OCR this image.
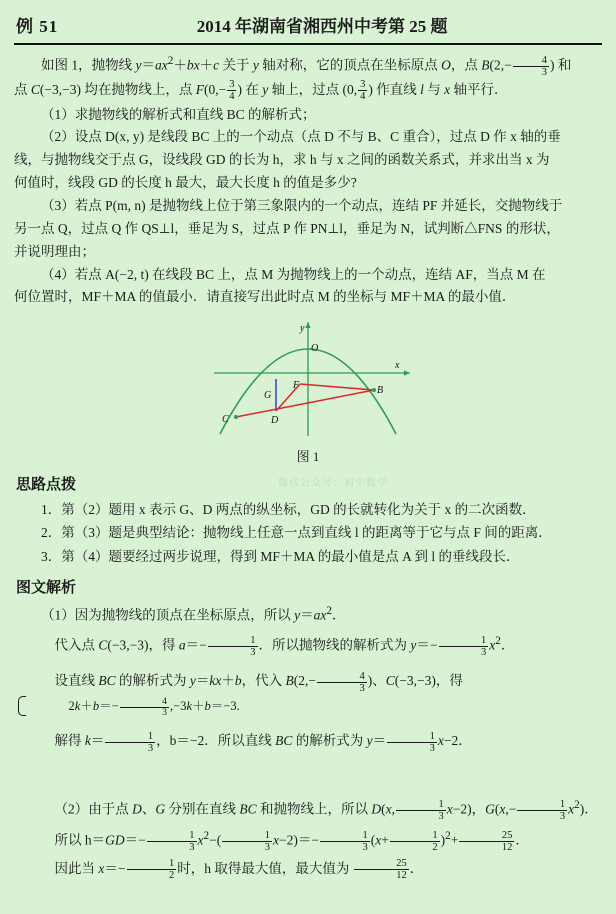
例 51	2014 年湖南省湘西州中考第 25 题

如图 1，抛物线 $y=ax^2+bx+c$ 关于 y 轴对称，它的顶点在坐标原点 O，点 $B(2,- \frac{4}{3}$ ) 和

点 C(−3,−3) 均在抛物线上，点 $F(0,- \frac{3}{4}$ ) 在 y 轴上，过点 (0, $\frac{3}{4}$ ) 作直线 l 与 x 轴平行．

（1）求抛物线的解析式和直线 BC 的解析式；

（2）设点 D(x, y) 是线段 BC 上的一个动点（点 D 不与 B、C 重合），过点 D 作 x 轴的垂

线，与抛物线交于点 G，设线段 GD 的长为 h，求 h 与 x 之间的函数关系式，并求出当 x 为

何值时，线段 GD 的长度 h 最大，最大长度 h 的值是多少?

（3）若点 P(m, n) 是抛物线上位于第三象限内的一个动点，连结 PF 并延长，交抛物线于

另一点 Q，过点 Q 作 QS⊥l，垂足为 S，过点 P 作 PN⊥l，垂足为 N，试判断△FNS 的形状，

并说明理由；

（4）若点 A(−2, t) 在线段 BC 上，点 M 为抛物线上的一个动点，连结 AF，当点 M 在

何位置时，MF＋MA 的值最小．请直接写出此时点 M 的坐标与 MF＋MA 的最小值．

O
y
x
G
F	B
C	D
图 1
思路点拨
1．第（2）题用 x 表示 G、D 两点的纵坐标，GD 的长就转化为关于 x 的二次函数．
2．第（3）题是典型结论：抛物线上任意一点到直线 l 的距离等于它与点 F 间的距离．
3．第（4）题要经过两步说理，得到 MF＋MA 的最小值是点 A 到 l 的垂线段长．
微信公众号：初中数学
图文解析
（1）因为抛物线的顶点在坐标原点，所以 $y=ax^2$．
代入点 C(−3,−3)，得 $a=- \frac{1}{3}$ ．所以抛物线的解析式为 $y=- \frac{1}{3} x^2$．
设直线 BC 的解析式为 y＝kx＋b，代入 $B(2,- \frac{4}{3}$ )、C(−3,−3)，得$2k+b=- \frac{4}{3} ,-3k+b=-3$.
解得 $k= \frac{1}{3}$ ，b＝−2．所以直线 BC 的解析式为 $y= \frac{1}{3} x-2$．
（2）由于点 D、G 分别在直线 BC 和抛物线上，所以 D(x, $\frac{1}{3} x-2$)，$G(x,- \frac{1}{3} x^2)$．
所以 $h=GD=- \frac{1}{3} x^2-( \frac{1}{3} x-2)=- \frac{1}{3} (x+ \frac{1}{2} )^2+ \frac{25}{12}$ ．
因此当 $x=- \frac{1}{2}$ 时，h 取得最大值，最大值为 $\frac{25}{12}$ ．
